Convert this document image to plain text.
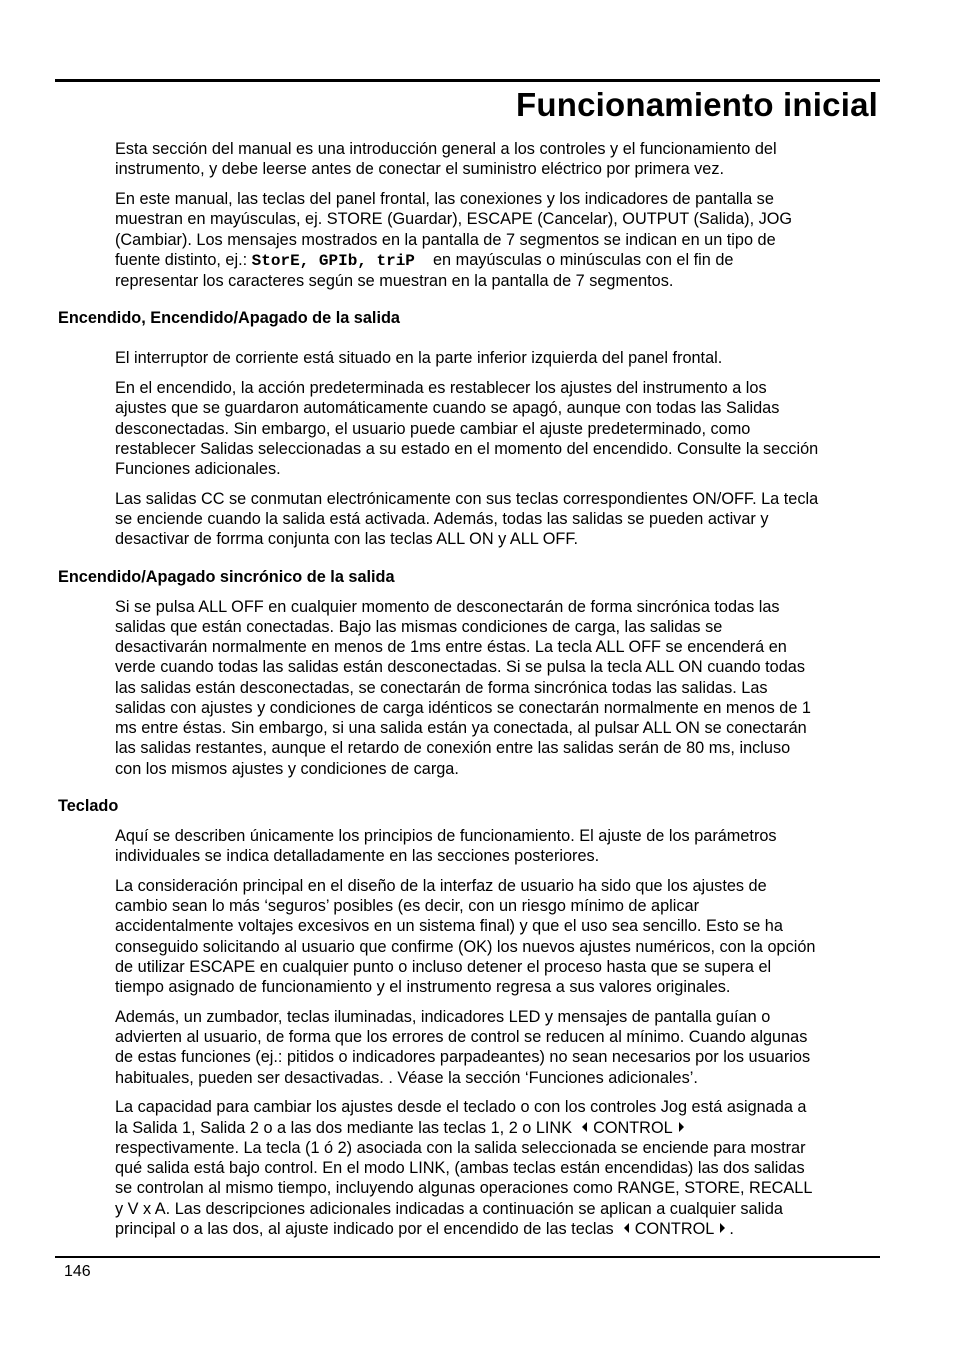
Funcionamiento inicial
Esta sección del manual es una introducción general a los controles y el funcionamiento del
instrumento, y debe leerse antes de conectar el suministro eléctrico por primera vez.
En este manual, las teclas del panel frontal, las conexiones y los indicadores de pantalla se
muestran en mayúsculas, ej. STORE (Guardar), ESCAPE (Cancelar), OUTPUT (Salida), JOG
(Cambiar). Los mensajes mostrados en la pantalla de 7 segmentos se indican en un tipo de
fuente distinto, ej.: StorE, GPIb, triP    en mayúsculas o minúsculas con el fin de
representar los caracteres según se muestran en la pantalla de 7 segmentos.
Encendido, Encendido/Apagado de la salida
El interruptor de corriente está situado en la parte inferior izquierda del panel frontal.
En el encendido, la acción predeterminada es restablecer los ajustes del instrumento a los
ajustes que se guardaron automáticamente cuando se apagó, aunque con todas las Salidas
desconectadas. Sin embargo, el usuario puede cambiar el ajuste predeterminado, como
restablecer Salidas seleccionadas a su estado en el momento del encendido. Consulte la sección
Funciones adicionales.
Las salidas CC se conmutan electrónicamente con sus teclas correspondientes ON/OFF. La tecla
se enciende cuando la salida está activada. Además, todas las salidas se pueden activar y
desactivar de forrma conjunta con las teclas ALL ON y ALL OFF.
Encendido/Apagado sincrónico de la salida
Si se pulsa ALL OFF en cualquier momento de desconectarán de forma sincrónica todas las
salidas que están conectadas. Bajo las mismas condiciones de carga, las salidas se
desactivarán normalmente en menos de 1ms entre éstas. La tecla ALL OFF se encenderá en
verde cuando todas las salidas están desconectadas. Si se pulsa la tecla ALL ON cuando todas
las salidas están desconectadas, se conectarán de forma sincrónica todas las salidas. Las
salidas con ajustes y condiciones de carga idénticos se conectarán normalmente en menos de 1
ms entre éstas. Sin embargo, si una salida están ya conectada, al pulsar ALL ON se conectarán
las salidas restantes, aunque el retardo de conexión entre las salidas serán de 80 ms, incluso
con los mismos ajustes y condiciones de carga.
Teclado
Aquí se describen únicamente los principios de funcionamiento. El ajuste de los parámetros
individuales se indica detalladamente en las secciones posteriores.
La consideración principal en el diseño de la interfaz de usuario ha sido que los ajustes de
cambio sean lo más ‘seguros’ posibles (es decir, con un riesgo mínimo de aplicar
accidentalmente voltajes excesivos en un sistema final) y que el uso sea sencillo. Esto se ha
conseguido solicitando al usuario que confirme (OK) los nuevos ajustes numéricos, con la opción
de utilizar ESCAPE en cualquier punto o incluso detener el proceso hasta que se supera el
tiempo asignado de funcionamiento y el instrumento regresa a sus valores originales.
Además, un zumbador, teclas iluminadas, indicadores LED y mensajes de pantalla guían o
advierten al usuario, de forma que los errores de control se reducen al mínimo. Cuando algunas
de estas funciones (ej.: pitidos o indicadores parpadeantes) no sean necesarios por los usuarios
habituales, pueden ser desactivadas. . Véase la sección ‘Funciones adicionales’.
La capacidad para cambiar los ajustes desde el teclado o con los controles Jog está asignada a
la Salida 1, Salida 2 o a las dos mediante las teclas 1, 2 o LINK CONTROL
respectivamente. La tecla (1 ó 2) asociada con la salida seleccionada se enciende para mostrar
qué salida está bajo control. En el modo LINK, (ambas teclas están encendidas) las dos salidas
se controlan al mismo tiempo, incluyendo algunas operaciones como RANGE, STORE, RECALL
y V x A. Las descripciones adicionales indicadas a continuación se aplican a cualquier salida
principal o a las dos, al ajuste indicado por el encendido de las teclas CONTROL .
146
